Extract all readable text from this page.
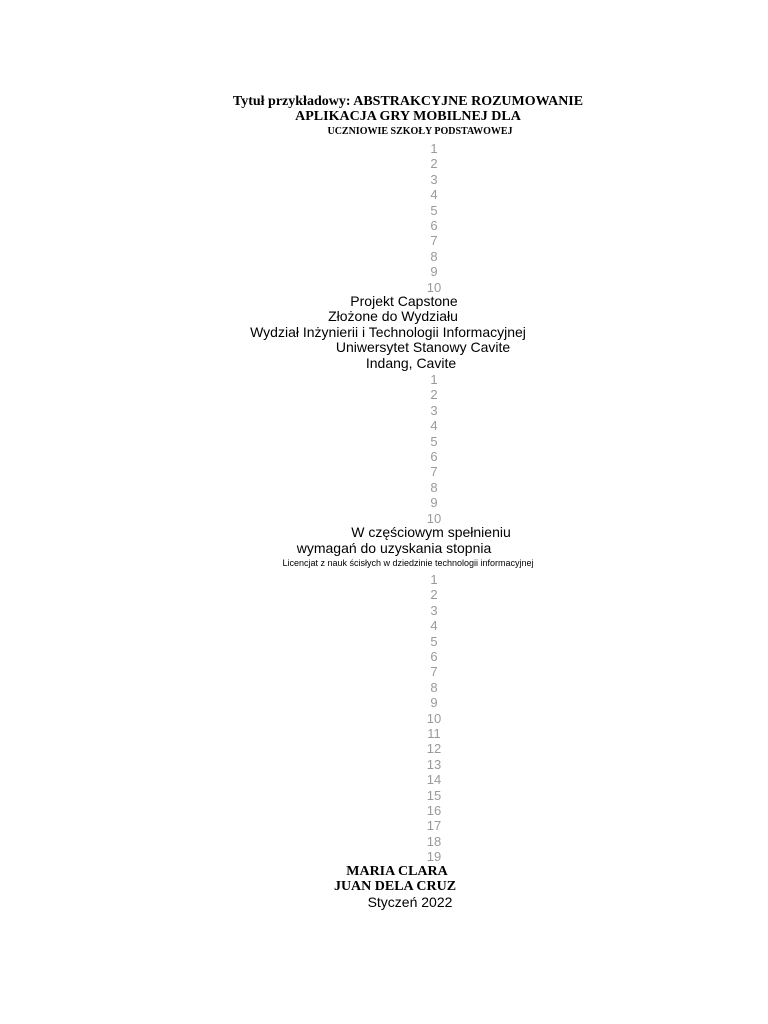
Tytuł przykładowy: ABSTRAKCYJNE ROZUMOWANIE
APLIKACJA GRY MOBILNEJ DLA
UCZNIOWIE SZKOŁY PODSTAWOWEJ
1
2
3
4
5
6
7
8
9
10
Projekt Capstone
Złożone do Wydziału
Wydział Inżynierii i Technologii Informacyjnej
Uniwersytet Stanowy Cavite
Indang, Cavite
1
2
3
4
5
6
7
8
9
10
W częściowym spełnieniu
wymagań do uzyskania stopnia
Licencjat z nauk ścisłych w dziedzinie technologii informacyjnej
1
2
3
4
5
6
7
8
9
10
11
12
13
14
15
16
17
18
19
MARIA CLARA
JUAN DELA CRUZ
Styczeń 2022
